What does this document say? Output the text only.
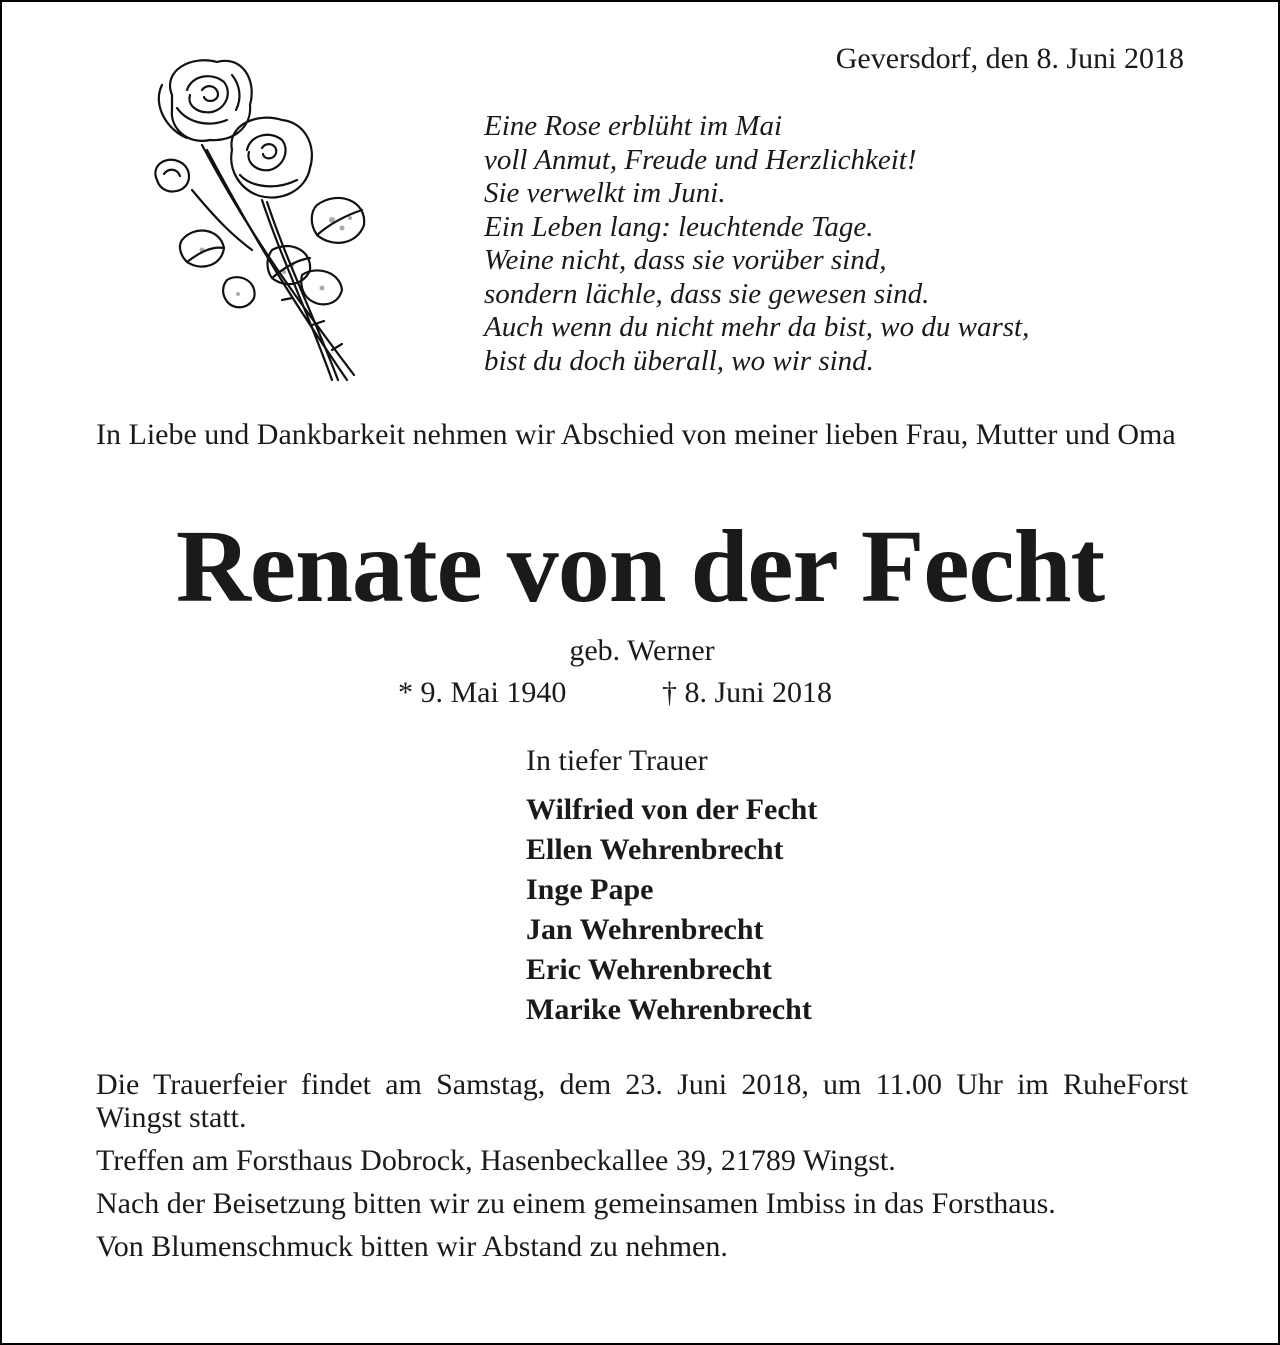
Geversdorf, den 8. Juni 2018
Eine Rose erblüht im Mai
voll Anmut, Freude und Herzlichkeit!
Sie verwelkt im Juni.
Ein Leben lang: leuchtende Tage.
Weine nicht, dass sie vorüber sind,
sondern lächle, dass sie gewesen sind.
Auch wenn du nicht mehr da bist, wo du warst,
bist du doch überall, wo wir sind.
In Liebe und Dankbarkeit nehmen wir Abschied von meiner lieben Frau, Mutter und Oma
Renate von der Fecht
geb. Werner
* 9. Mai 1940	† 8. Juni 2018
In tiefer Trauer
Wilfried von der Fecht
Ellen Wehrenbrecht
Inge Pape
Jan Wehrenbrecht
Eric Wehrenbrecht
Marike Wehrenbrecht

Die Trauerfeier findet am Samstag, dem 23. Juni 2018, um 11.00 Uhr im RuheForst Wingst statt.

Treffen am Forsthaus Dobrock, Hasenbeckallee 39, 21789 Wingst.

Nach der Beisetzung bitten wir zu einem gemeinsamen Imbiss in das Forsthaus.

Von Blumenschmuck bitten wir Abstand zu nehmen.
